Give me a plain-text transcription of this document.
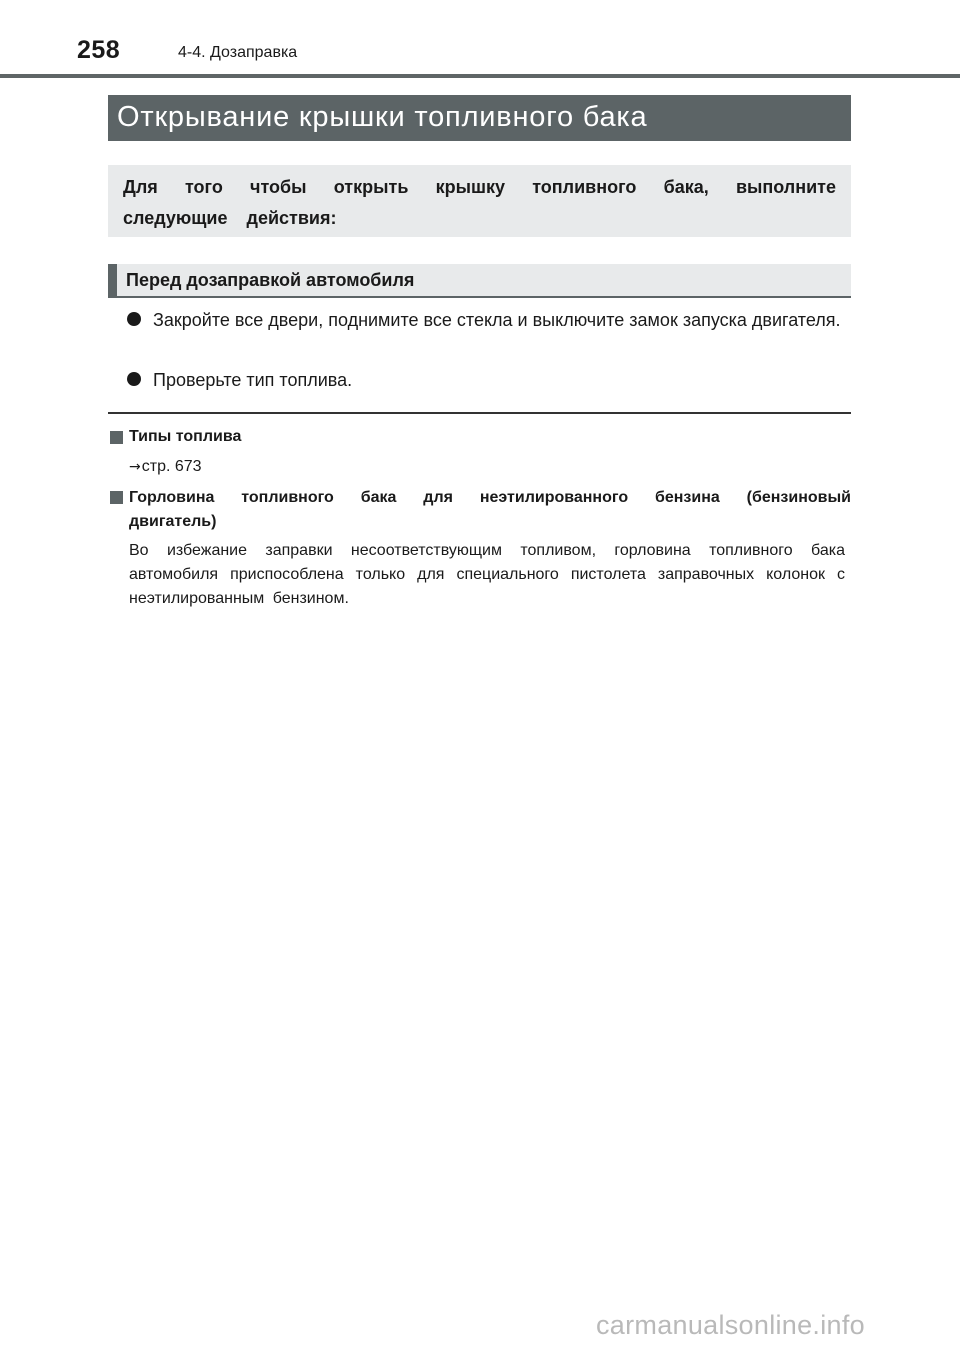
258	4-4. Дозаправка
Открывание крышки топливного бака
Для того чтобы открыть крышку топливного бака, выполните следующие действия:
Перед дозаправкой автомобиля
Закройте все двери, поднимите все стекла и выключите замок запуска двигателя.
Проверьте тип топлива.
Типы топлива
→стр. 673
Горловина топливного бака для неэтилированного бензина (бензиновый двигатель)
Во избежание заправки несоответствующим топливом, горловина топливного бака автомобиля приспособлена только для специального пистолета заправочных колонок с неэтилированным бензином.
carmanualsonline.info
